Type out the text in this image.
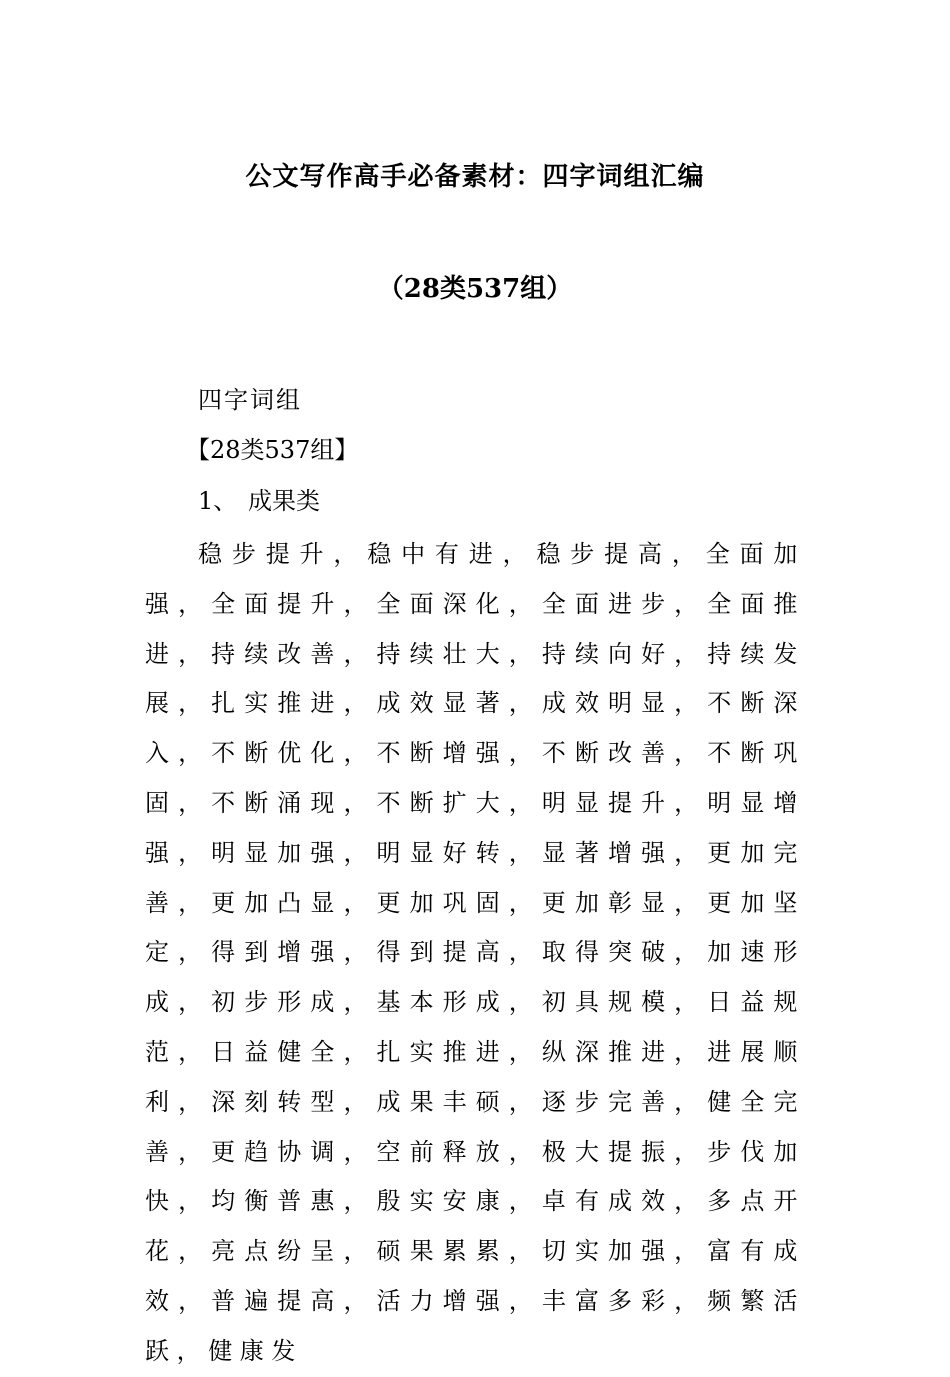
公文写作高手必备素材：四字词组汇编
（28类537组）
四字词组
【28类537组】
1、 成果类
稳步提升，稳中有进，稳步提高，全面加强，全面提升，全面深化，全面进步，全面推进，持续改善，持续壮大，持续向好，持续发展，扎实推进，成效显著，成效明显，不断深入，不断优化，不断增强，不断改善，不断巩固，不断涌现，不断扩大，明显提升，明显增强，明显加强，明显好转，显著增强，更加完善，更加凸显，更加巩固，更加彰显，更加坚定，得到增强，得到提高，取得突破，加速形成，初步形成，基本形成，初具规模，日益规范，日益健全，扎实推进，纵深推进，进展顺利，深刻转型，成果丰硕，逐步完善，健全完善，更趋协调，空前释放，极大提振，步伐加快，均衡普惠，殷实安康，卓有成效，多点开花，亮点纷呈，硕果累累，切实加强，富有成效，普遍提高，活力增强，丰富多彩，频繁活跃，健康发
